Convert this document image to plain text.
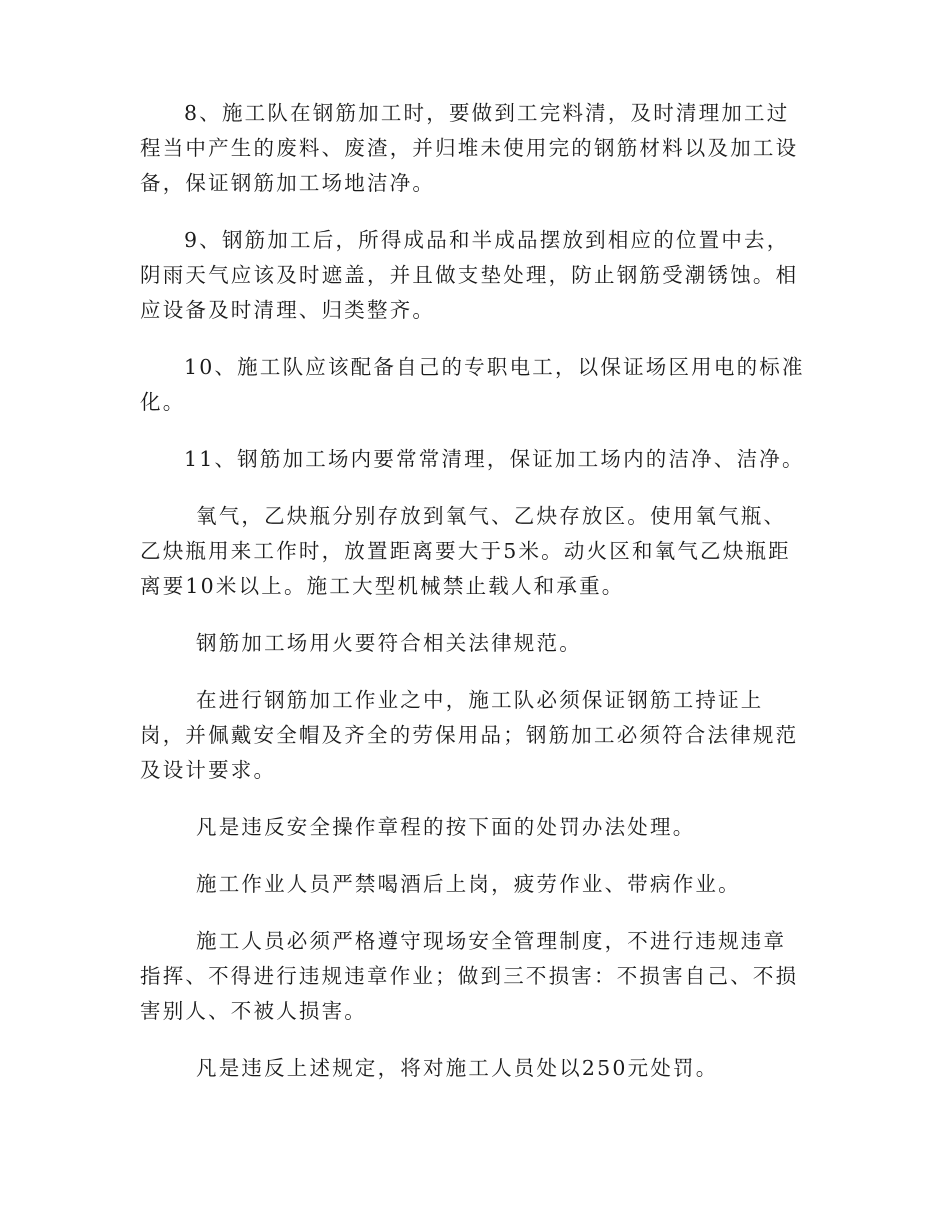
8、施工队在钢筋加工时，要做到工完料清，及时清理加工过程当中产生的废料、废渣，并归堆未使用完的钢筋材料以及加工设备，保证钢筋加工场地洁净。

9、钢筋加工后，所得成品和半成品摆放到相应的位置中去，阴雨天气应该及时遮盖，并且做支垫处理，防止钢筋受潮锈蚀。相应设备及时清理、归类整齐。

10、施工队应该配备自己的专职电工，以保证场区用电的标准化。

11、钢筋加工场内要常常清理，保证加工场内的洁净、洁净。

氧气，乙炔瓶分别存放到氧气、乙炔存放区。使用氧气瓶、乙炔瓶用来工作时，放置距离要大于5米。动火区和氧气乙炔瓶距离要10米以上。施工大型机械禁止载人和承重。

钢筋加工场用火要符合相关法律规范。

在进行钢筋加工作业之中，施工队必须保证钢筋工持证上岗，并佩戴安全帽及齐全的劳保用品；钢筋加工必须符合法律规范及设计要求。

凡是违反安全操作章程的按下面的处罚办法处理。

施工作业人员严禁喝酒后上岗，疲劳作业、带病作业。

施工人员必须严格遵守现场安全管理制度，不进行违规违章指挥、不得进行违规违章作业；做到三不损害：不损害自己、不损害别人、不被人损害。

凡是违反上述规定，将对施工人员处以250元处罚。
